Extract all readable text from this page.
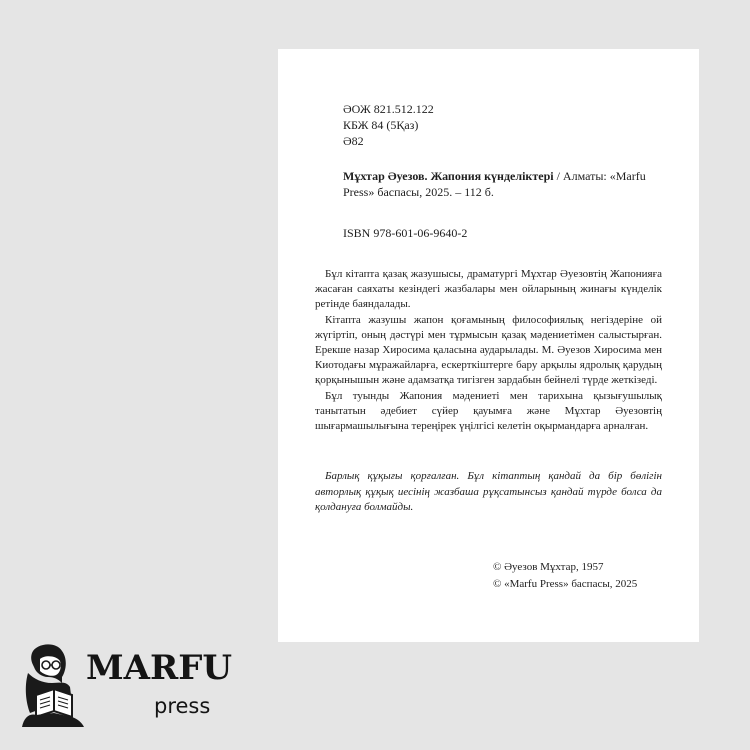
ӘОЖ 821.512.122
КБЖ 84 (5Қаз)
Ә82
Мұхтар Әуезов. Жапония күнделіктері / Алматы: «Marfu Press» баспасы, 2025. – 112 б.
ISBN 978-601-06-9640-2

Бұл кітапта қазақ жазушысы, драматургі Мұхтар Әуезовтің Жапонияға жасаған саяхаты кезіндегі жазбалары мен ойларының жинағы күнделік ретінде баяндалады.

Кітапта жазушы жапон қоғамының философиялық негіздеріне ой жүгіртіп, оның дәстүрі мен тұрмысын қазақ мәдениетімен салыстырған. Ерекше назар Хиросима қаласына аударылады. М. Әуезов Хиросима мен Киотодағы мұражайларға, ескерткіштерге бару арқылы ядролық қарудың қорқынышын және адамзатқа тигізген зардабын бейнелі түрде жеткізеді.

Бұл туынды Жапония мәдениеті мен тарихына қызығушылық танытатын әдебиет сүйер қауымға және Мұхтар Әуезовтің шығармашылығына тереңірек үңілгісі келетін оқырмандарға арналған.

Барлық құқығы қорғалған. Бұл кітаптың қандай да бір бөлігін авторлық құқық иесінің жазбаша рұқсатынсыз қандай түрде болса да қолдануға болмайды.
© Әуезов Мұхтар, 1957
© «Marfu Press» баспасы, 2025
MARFU
press
